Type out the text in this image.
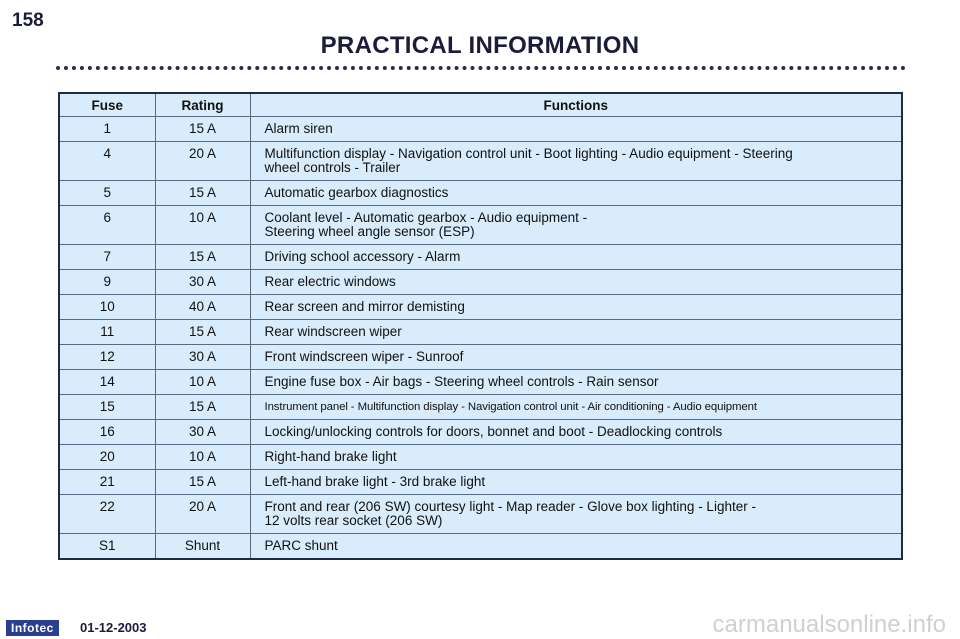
158
PRACTICAL INFORMATION
Fuse	Rating	Functions
1	15 A	Alarm siren

4	20 A	Multifunction display - Navigation control unit - Boot lighting - Audio equipment - Steering
wheel controls - Trailer

5	15 A	Automatic gearbox diagnostics

6	10 A	Coolant level - Automatic gearbox - Audio equipment -
Steering wheel angle sensor (ESP)

7	15 A	Driving school accessory - Alarm

9	30 A	Rear electric windows

10	40 A	Rear screen and mirror demisting

11	15 A	Rear windscreen wiper

12	30 A	Front windscreen wiper - Sunroof

14	10 A	Engine fuse box - Air bags - Steering wheel controls - Rain sensor

15	15 A	Instrument panel - Multifunction display - Navigation control unit - Air conditioning - Audio equipment

16	30 A	Locking/unlocking controls for doors, bonnet and boot - Deadlocking controls

20	10 A	Right-hand brake light

21	15 A	Left-hand brake light - 3rd brake light

22	20 A	Front and rear (206 SW) courtesy light - Map reader - Glove box lighting - Lighter -
12 volts rear socket (206 SW)

S1	Shunt	PARC shunt
Infotec	01-12-2003	carmanualsonline.info
